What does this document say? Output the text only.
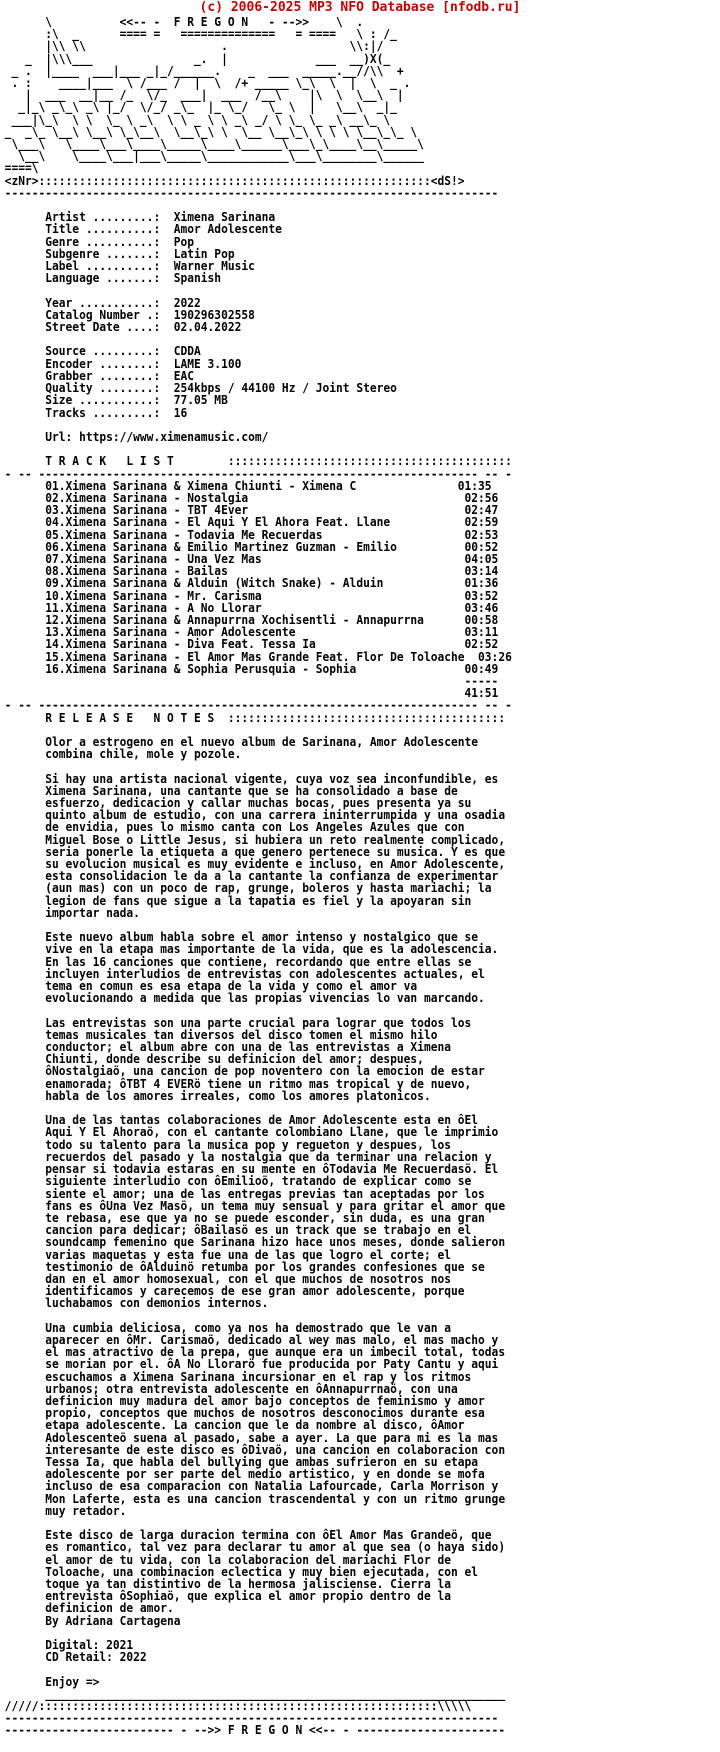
(c) 2006-2025 MP3 NFO Database [nfodb.ru]
\          <<-- -  F R E G O N   - -->>    \  .
:\  _      ==== =   ==============   = ====   \ : /_
|\\ \\                    .                  \\:|/
_  |\\\___               _.  |             ___  __)X(_
_ .  |____  ___|___ _|_/______.    _  ___  _____.__//\\  +
. :    ____|___  \ /___ /  |  \  /+ _____ \_\  \  |  \  _ .
|  ___  __|__ /_  \/_  ___|  ___  /__\    |\  \  \__\  |
_|_\ _\_\ _\ |_/  \/_/ _\_  |_ \_/   \_ \  |   \__\  _|_
___|\_\  \ \  \_ \ _\  \ \ _ \ \ _\ _/ \ \_ \_ _\ __\_ \
_  _\_ \__\ \__\ \_\__\  \__\_\ \  \__ \__\_\ \ \ \ \__\_\_ \
\___\   \____\___\____\_____\____\______\___\_\____\__\_____\
\__\    \____\___|___\_____\____________\___\________\______
====\
<zNr>::::::::::::::::::::::::::::::::::::::::::::::::::::::::::<dS!>
-------------------------------------------------------------------------

Artist .........:  Ximena Sarinana
Title ..........:  Amor Adolescente
Genre ..........:  Pop
Subgenre .......:  Latin Pop
Label ..........:  Warner Music
Language .......:  Spanish

Year ...........:  2022
Catalog Number .:  190296302558
Street Date ....:  02.04.2022

Source .........:  CDDA
Encoder ........:  LAME 3.100
Grabber ........:  EAC
Quality ........:  254kbps / 44100 Hz / Joint Stereo
Size ...........:  77.05 MB
Tracks .........:  16

Url: https://www.ximenamusic.com/

T R A C K   L I S T        ::::::::::::::::::::::::::::::::::::::::::
- -- ----------------------------------------------------------------- -- -
01.Ximena Sarinana & Ximena Chiunti - Ximena C               01:35
02.Ximena Sarinana - Nostalgia                                02:56
03.Ximena Sarinana - TBT 4Ever                                02:47
04.Ximena Sarinana - El Aqui Y El Ahora Feat. Llane           02:59
05.Ximena Sarinana - Todavia Me Recuerdas                     02:53
06.Ximena Sarinana & Emilio Martinez Guzman - Emilio          00:52
07.Ximena Sarinana - Una Vez Mas                              04:05
08.Ximena Sarinana - Bailas                                   03:14
09.Ximena Sarinana & Alduin (Witch Snake) - Alduin            01:36
10.Ximena Sarinana - Mr. Carisma                              03:52
11.Ximena Sarinana - A No Llorar                              03:46
12.Ximena Sarinana & Annapurrna Xochisentli - Annapurrna      00:58
13.Ximena Sarinana - Amor Adolescente                         03:11
14.Ximena Sarinana - Diva Feat. Tessa Ia                      02:52
15.Ximena Sarinana - El Amor Mas Grande Feat. Flor De Toloache  03:26
16.Ximena Sarinana & Sophia Perusquia - Sophia                00:49
-----
41:51
- -- ----------------------------------------------------------------- -- -
R E L E A S E   N O T E S  :::::::::::::::::::::::::::::::::::::::::

Olor a estrogeno en el nuevo album de Sarinana, Amor Adolescente
combina chile, mole y pozole.

Si hay una artista nacional vigente, cuya voz sea inconfundible, es
Ximena Sarinana, una cantante que se ha consolidado a base de
esfuerzo, dedicacion y callar muchas bocas, pues presenta ya su
quinto album de estudio, con una carrera ininterrumpida y una osadia
de envidia, pues lo mismo canta con Los Angeles Azules que con
Miguel Bose o Little Jesus, si hubiera un reto realmente complicado,
seria ponerle la etiqueta a que genero pertenece su musica. Y es que
su evolucion musical es muy evidente e incluso, en Amor Adolescente,
esta consolidacion le da a la cantante la confianza de experimentar
(aun mas) con un poco de rap, grunge, boleros y hasta mariachi; la
legion de fans que sigue a la tapatia es fiel y la apoyaran sin
importar nada.

Este nuevo album habla sobre el amor intenso y nostalgico que se
vive en la etapa mas importante de la vida, que es la adolescencia.
En las 16 canciones que contiene, recordando que entre ellas se
incluyen interludios de entrevistas con adolescentes actuales, el
tema en comun es esa etapa de la vida y como el amor va
evolucionando a medida que las propias vivencias lo van marcando.

Las entrevistas son una parte crucial para lograr que todos los
temas musicales tan diversos del disco tomen el mismo hilo
conductor; el album abre con una de las entrevistas a Ximena
Chiunti, donde describe su definicion del amor; despues,
ôNostalgiaö, una cancion de pop noventero con la emocion de estar
enamorada; ôTBT 4 EVERö tiene un ritmo mas tropical y de nuevo,
habla de los amores irreales, como los amores platonicos.

Una de las tantas colaboraciones de Amor Adolescente esta en ôEl
Aqui Y El Ahoraö, con el cantante colombiano Llane, que le imprimio
todo su talento para la musica pop y regueton y despues, los
recuerdos del pasado y la nostalgia que da terminar una relacion y
pensar si todavia estaras en su mente en ôTodavia Me Recuerdasö. El
siguiente interludio con ôEmilioö, tratando de explicar como se
siente el amor; una de las entregas previas tan aceptadas por los
fans es ôUna Vez Masö, un tema muy sensual y para gritar el amor que
te rebasa, ese que ya no se puede esconder, sin duda, es una gran
cancion para dedicar; ôBailasö es un track que se trabajo en el
soundcamp femenino que Sarinana hizo hace unos meses, donde salieron
varias maquetas y esta fue una de las que logro el corte; el
testimonio de ôAlduinö retumba por los grandes confesiones que se
dan en el amor homosexual, con el que muchos de nosotros nos
identificamos y carecemos de ese gran amor adolescente, porque
luchabamos con demonios internos.

Una cumbia deliciosa, como ya nos ha demostrado que le van a
aparecer en ôMr. Carismaö, dedicado al wey mas malo, el mas macho y
el mas atractivo de la prepa, que aunque era un imbecil total, todas
se morian por el. ôA No Llorarö fue producida por Paty Cantu y aqui
escuchamos a Ximena Sarinana incursionar en el rap y los ritmos
urbanos; otra entrevista adolescente en ôAnnapurrnaö, con una
definicion muy madura del amor bajo conceptos de feminismo y amor
propio, conceptos que muchos de nosotros desconocimos durante esa
etapa adolescente. La cancion que le da nombre al disco, ôAmor
Adolescenteö suena al pasado, sabe a ayer. La que para mi es la mas
interesante de este disco es ôDivaö, una cancion en colaboracion con
Tessa Ia, que habla del bullying que ambas sufrieron en su etapa
adolescente por ser parte del medio artistico, y en donde se mofa
incluso de esa comparacion con Natalia Lafourcade, Carla Morrison y
Mon Laferte, esta es una cancion trascendental y con un ritmo grunge
muy retador.

Este disco de larga duracion termina con ôEl Amor Mas Grandeö, que
es romantico, tal vez para declarar tu amor al que sea (o haya sido)
el amor de tu vida, con la colaboracion del mariachi Flor de
Toloache, una combinacion eclectica y muy bien ejecutada, con el
toque ya tan distintivo de la hermosa jalisciense. Cierra la
entrevista ôSophiaö, que explica el amor propio dentro de la
definicion de amor.
By Adriana Cartagena

Digital: 2021
CD Retail: 2022

Enjoy =>
____________________________________________________________________
/////:::::::::::::::::::::::::::::::::::::::::::::::::::::::::::\\\\\
-------------------------------------------------------------------------
------------------------- - -->> F R E G O N <<-- - ----------------------
